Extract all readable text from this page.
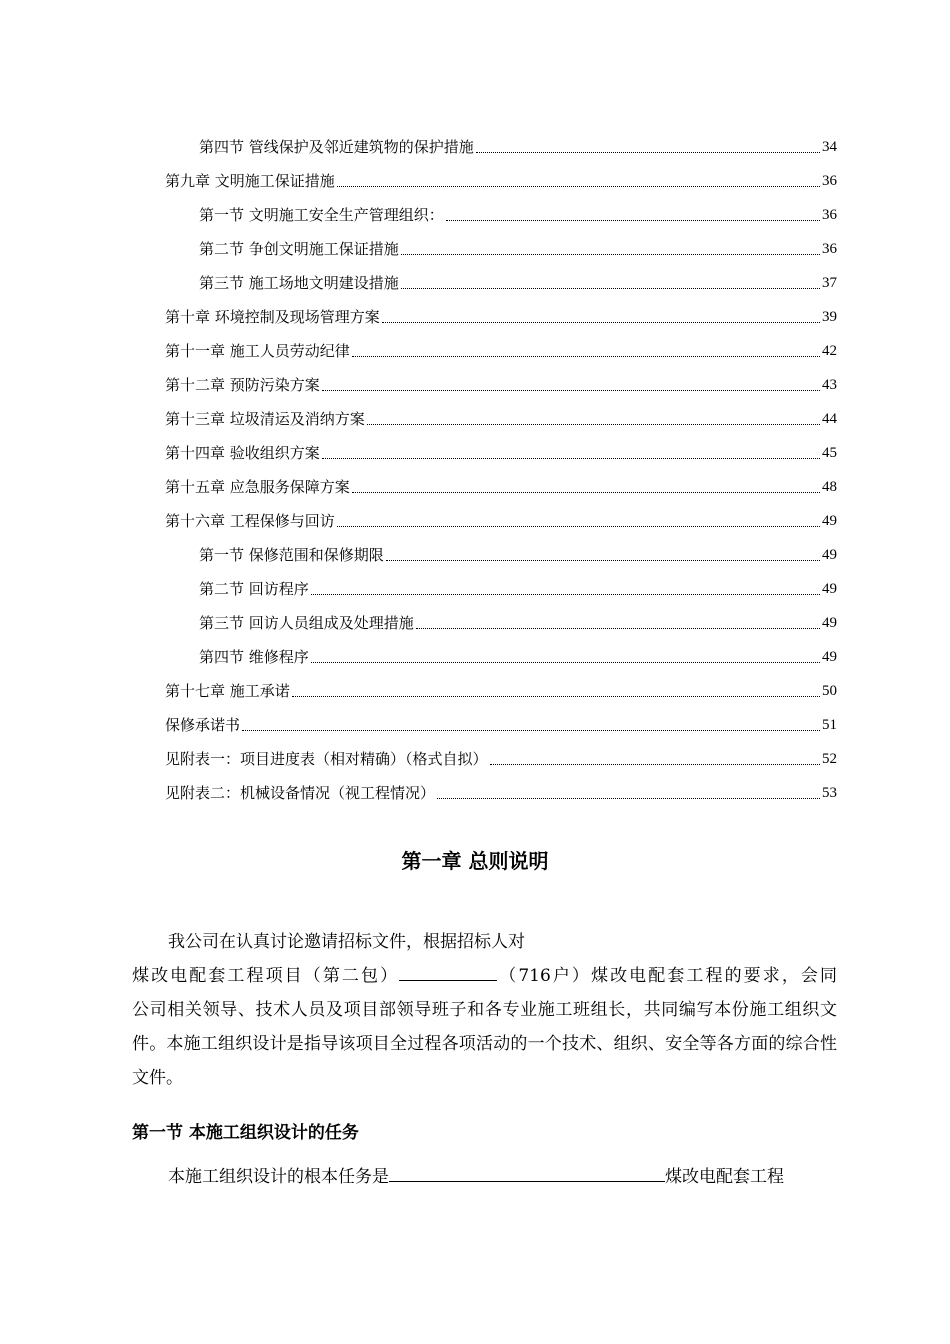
第四节 管线保护及邻近建筑物的保护措施	34
第九章 文明施工保证措施	36
第一节 文明施工安全生产管理组织：	36
第二节 争创文明施工保证措施	36
第三节 施工场地文明建设措施	37
第十章 环境控制及现场管理方案	39
第十一章 施工人员劳动纪律	42
第十二章 预防污染方案	43
第十三章 垃圾清运及消纳方案	44
第十四章 验收组织方案	45
第十五章 应急服务保障方案	48
第十六章 工程保修与回访	49
第一节 保修范围和保修期限	49
第二节 回访程序	49
第三节 回访人员组成及处理措施	49
第四节 维修程序	49
第十七章 施工承诺	50
保修承诺书	51
见附表一：项目进度表（相对精确）（格式自拟）	52
见附表二：机械设备情况（视工程情况）	53
第一章 总则说明
我公司在认真讨论邀请招标文件，根据招标人对
煤改电配套工程项目（第二包）	（716户）煤改电配套工程的要求，会同
公司相关领导、技术人员及项目部领导班子和各专业施工班组长，共同编写本份施工组织文件。本施工组织设计是指导该项目全过程各项活动的一个技术、组织、安全等各方面的综合性文件。
第一节 本施工组织设计的任务
本施工组织设计的根本任务是	煤改电配套工程
